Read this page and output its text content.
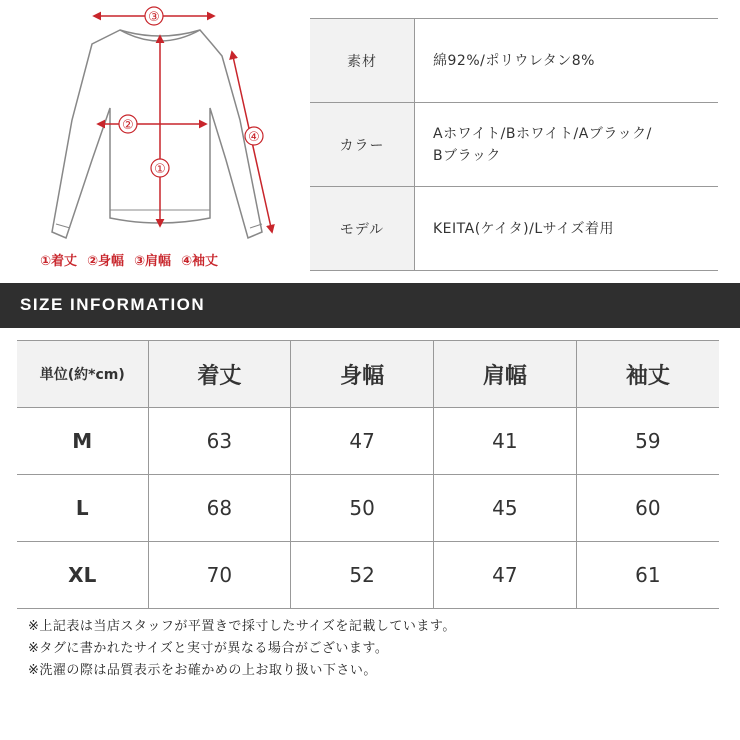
③
②
①
④
①着丈 ②身幅 ③肩幅 ④袖丈
素材	綿92%/ポリウレタン8%
カラー	Aホワイト/Bホワイト/Aブラック/
Bブラック

モデル	KEITA(ケイタ)/Lサイズ着用
SIZE INFORMATION
単位(約*cm)	着丈	身幅	肩幅	袖丈
M	63	47	41	59
L	68	50	45	60
XL	70	52	47	61
※上記表は当店スタッフが平置きで採寸したサイズを記載しています。
※タグに書かれたサイズと実寸が異なる場合がございます。
※洗濯の際は品質表示をお確かめの上お取り扱い下さい。
